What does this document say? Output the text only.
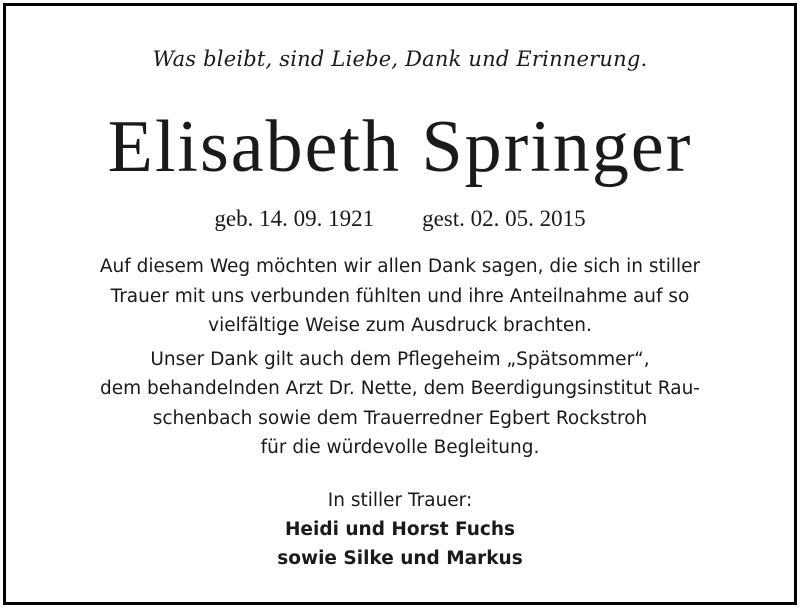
Was bleibt, sind Liebe, Dank und Erinnerung.
Elisabeth Springer
geb. 14. 09. 1921 gest. 02. 05. 2015

Auf diesem Weg möchten wir allen Dank sagen, die sich in stiller
Trauer mit uns verbunden fühlten und ihre Anteilnahme auf so
vielfältige Weise zum Ausdruck brachten.

Unser Dank gilt auch dem Pflegeheim „Spätsommer“,
dem behandelnden Arzt Dr. Nette, dem Beerdigungsinstitut Rau-
schenbach sowie dem Trauerredner Egbert Rockstroh
für die würdevolle Begleitung.

In stiller Trauer:
Heidi und Horst Fuchs
sowie Silke und Markus
